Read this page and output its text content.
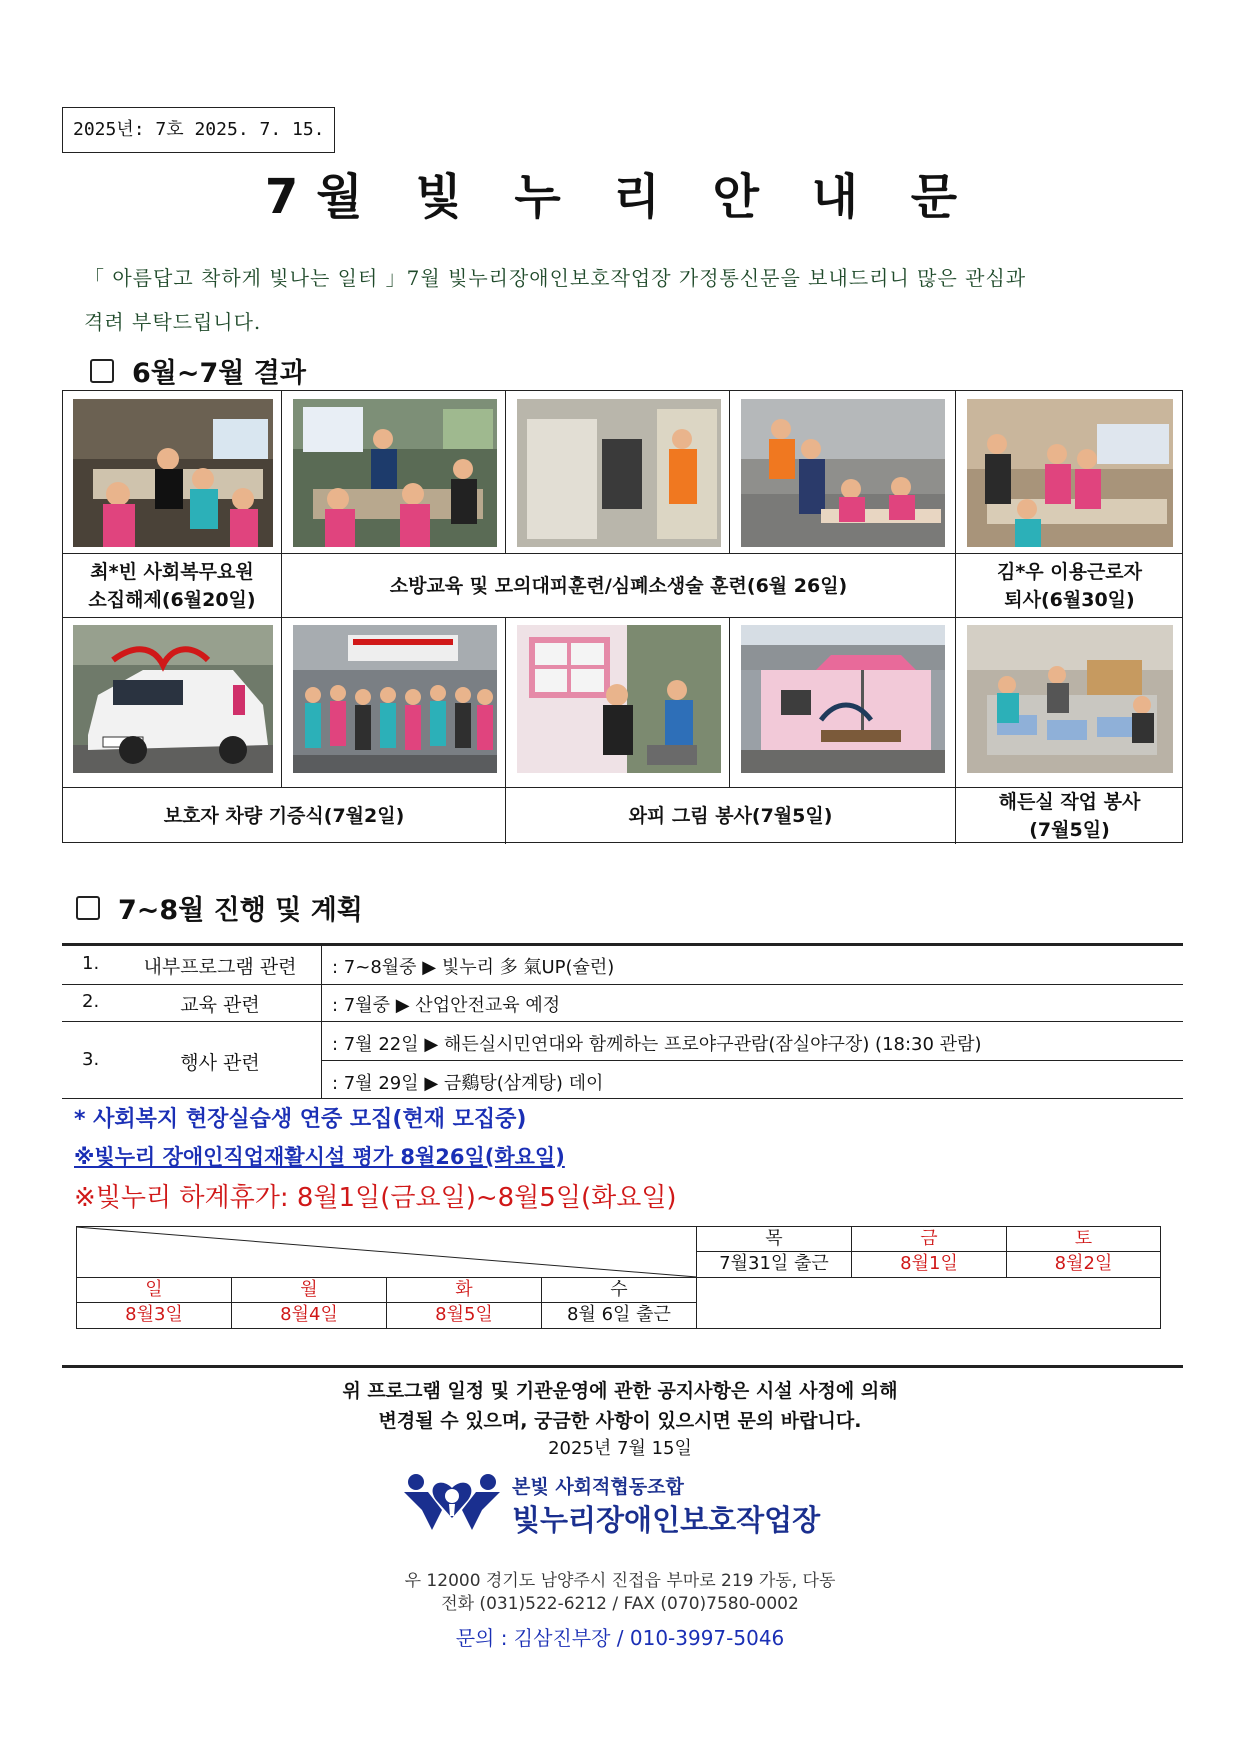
2025년: 7호 2025. 7. 15.
7월 빛 누 리 안 내 문
「 아름답고 착하게 빛나는 일터 」7월 빛누리장애인보호작업장 가정통신문을 보내드리니 많은 관심과
격려 부탁드립니다.
6월~7월 결과
최*빈 사회복무요원
소집해제(6월20일)
소방교육 및 모의대피훈련/심폐소생술 훈련(6월 26일)
김*우 이용근로자
퇴사(6월30일)
보호자 차량 기증식(7월2일)	와피 그림 봉사(7월5일)
해든실 작업 봉사
(7월5일)
7~8월 진행 및 계획
1.	내부프로그램 관련	: 7~8월중 ▶ 빛누리 多 氣UP(슐런)
2.	교육 관련	: 7월중 ▶ 산업안전교육 예정
3.	행사 관련
: 7월 22일 ▶ 해든실시민연대와 함께하는 프로야구관람(잠실야구장) (18:30 관람)
: 7월 29일 ▶ 금鷄탕(삼계탕) 데이
* 사회복지 현장실습생 연중 모집(현재 모집중)
※빛누리 장애인직업재활시설 평가 8월26일(화요일)
※빛누리 하계휴가: 8월1일(금요일)~8월5일(화요일)
목	금	토
7월31일 출근	8월1일	8월2일
일	월	화	수
8월3일	8월4일	8월5일	8월 6일 출근
위 프로그램 일정 및 기관운영에 관한 공지사항은 시설 사정에 의해
변경될 수 있으며, 궁금한 사항이 있으시면 문의 바랍니다.
2025년 7월 15일
본빛 사회적협동조합
빛누리장애인보호작업장
우 12000 경기도 남양주시 진접읍 부마로 219 가동, 다동
전화 (031)522-6212 / FAX (070)7580-0002
문의 : 김삼진부장 / 010-3997-5046
